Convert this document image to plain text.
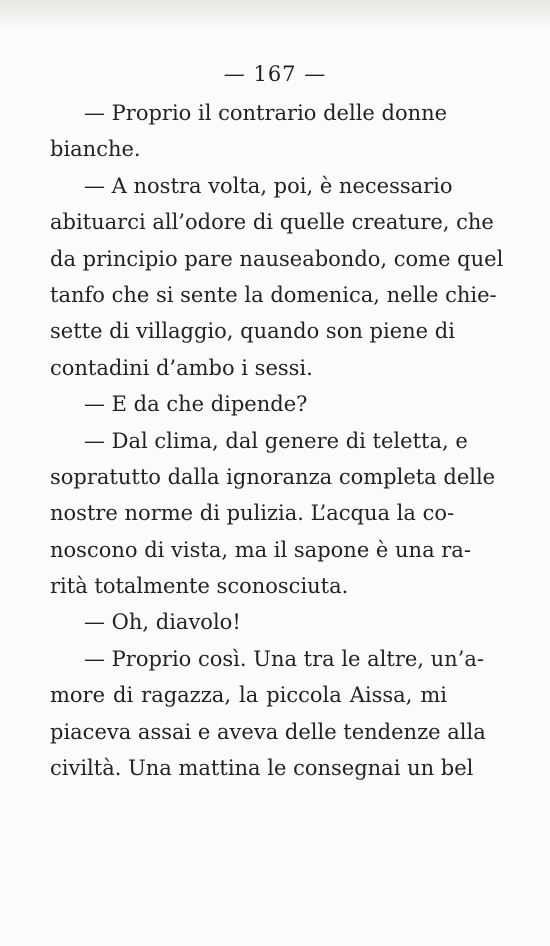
— 167 —
— Proprio il contrario delle donne
bianche.
— A nostra volta, poi, è necessario
abituarci all’odore di quelle creature, che
da principio pare nauseabondo, come quel
tanfo che si sente la domenica, nelle chie-
sette di villaggio, quando son piene di
contadini d’ambo i sessi.
— E da che dipende?
— Dal clima, dal genere di teletta, e
sopratutto dalla ignoranza completa delle
nostre norme di pulizia. L’acqua la co-
noscono di vista, ma il sapone è una ra-
rità totalmente sconosciuta.
— Oh, diavolo!
— Proprio così. Una tra le altre, un’a-
more di ragazza, la piccola Aissa, mi
piaceva assai e aveva delle tendenze alla
civiltà. Una mattina le consegnai un bel
